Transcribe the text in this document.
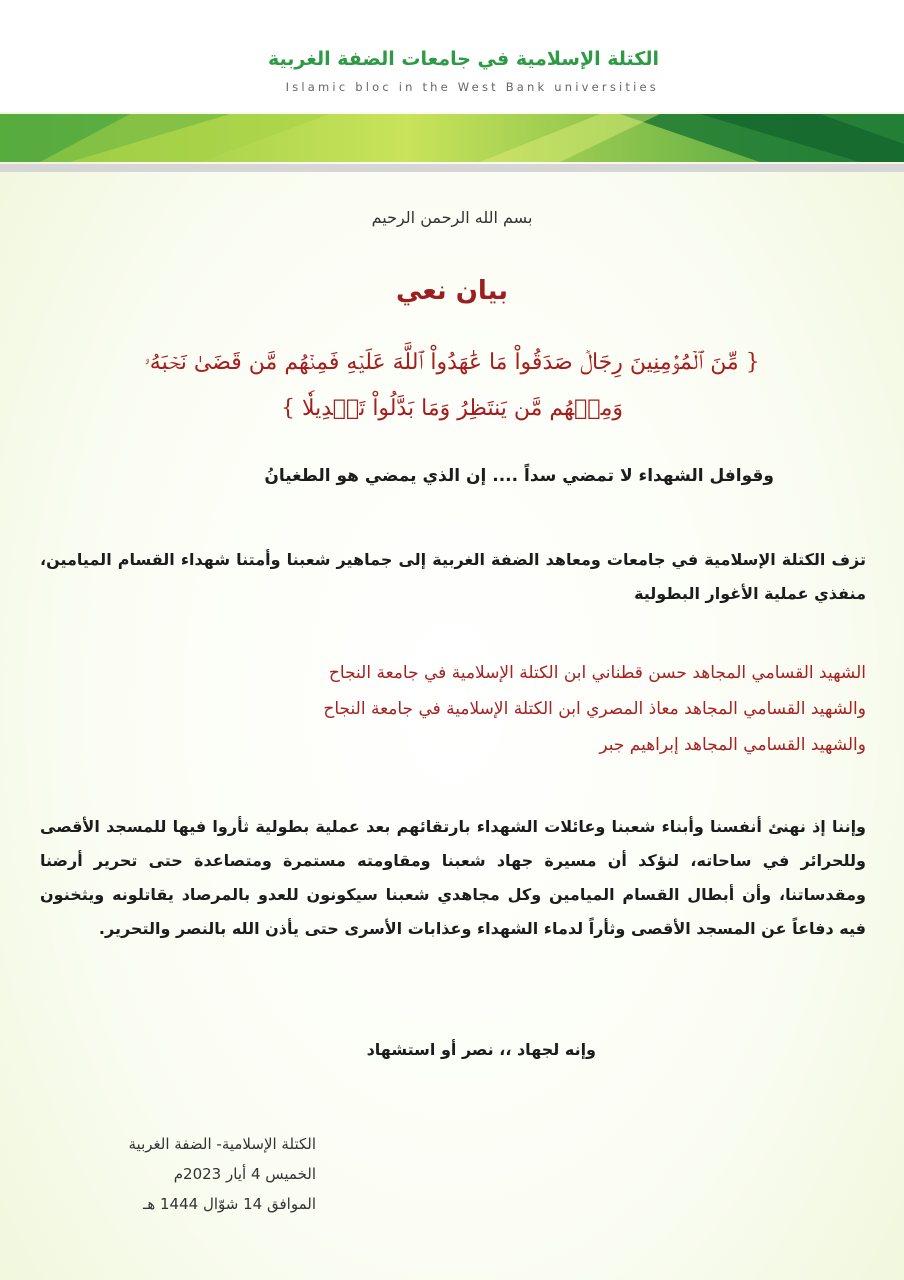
الكتلة الإسلامية في جامعات الضفة الغربية
Islamic bloc in the West Bank universities
بسم الله الرحمن الرحيم
بيان نعي

{ مِّنَ ٱلۡمُؤۡمِنِينَ رِجَالٞ صَدَقُواْ مَا عَٰهَدُواْ ٱللَّهَ عَلَيۡهِ فَمِنۡهُم مَّن قَضَىٰ نَحۡبَهُۥ

وَمِنۡهُم مَّن يَنتَظِرُ وَمَا بَدَّلُواْ تَبۡدِيلٗا }

وقوافل الشهداء لا تمضي سداً .... إن الذي يمضي هو الطغيانُ
تزف الكتلة الإسلامية في جامعات ومعاهد الضفة الغربية إلى جماهير شعبنا وأمتنا شهداء القسام الميامين، منفذي عملية الأغوار البطولية

الشهيد القسامي المجاهد حسن قطناني ابن الكتلة الإسلامية في جامعة النجاح

والشهيد القسامي المجاهد معاذ المصري ابن الكتلة الإسلامية في جامعة النجاح

والشهيد القسامي المجاهد إبراهيم جبر

وإننا إذ نهنئ أنفسنا وأبناء شعبنا وعائلات الشهداء بارتقائهم بعد عملية بطولية ثأروا فيها للمسجد الأقصى وللحرائر في ساحاته، لنؤكد أن مسيرة جهاد شعبنا ومقاومته مستمرة ومتصاعدة حتى تحرير أرضنا ومقدساتنا، وأن أبطال القسام الميامين وكل مجاهدي شعبنا سيكونون للعدو بالمرصاد يقاتلونه ويثخنون فيه دفاعاً عن المسجد الأقصى وثأراً لدماء الشهداء وعذابات الأسرى حتى يأذن الله بالنصر والتحرير.
وإنه لجهاد ،، نصر أو استشهاد

الكتلة الإسلامية- الضفة الغربية

الخميس 4 أيار 2023م

الموافق 14 شوّال 1444 هـ
